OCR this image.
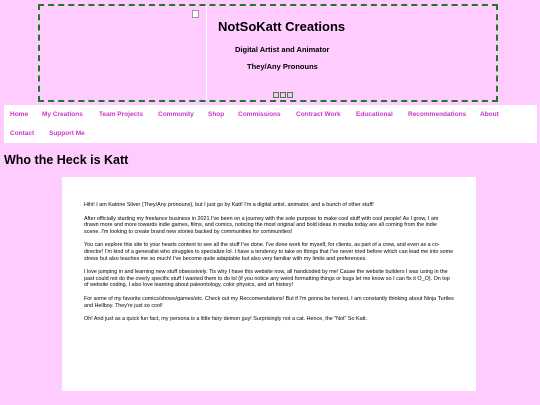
NotSoKatt Creations
Digital Artist and Animator
They/Any Pronouns
Home My Creations Team Projects Community Shop Commissions Contract Work Educational Recommendations About
Contact Support Me
Who the Heck is Katt

Hihi! I am Katrine Silver (They/Any pronouns), but I just go by Katt! I'm a digital artist, animator, and a bunch of other stuff!

After officially starting my freelance business in 2021 I've been on a journey with the sole purpose to make cool stuff with cool people! As I grow, I am drawn more and more towards indie games, films, and comics, noticing the most original and bold ideas in media today are all coming from the indie scene. I'm looking to create brand new stories backed by communities for communities!

You can explore this site to your hearts content to see all the stuff I've done. I've done work for myself, for clients, as part of a crew, and even as a co-director! I'm kind of a generalist who struggles to specialize lol. I have a tendency to take on things that I've never tried before which can lead me into some stress but also teaches me so much! I've become quite adaptable but also very familiar with my limits and preferences.

I love jumping in and learning new stuff obsessively. Tis why I have this website now, all handcoded by me! Cause the website builders I was using in the past could not do the overly specific stuff I wanted them to do lol (if you notice any weird formatting things or bugs let me know so I can fix it O_O). On top of website coding, I also love learning about paleontology, color physics, and art history!

For some of my favorite comics/shows/games/etc. Check out my Reccomendations! But if I'm gonna be honest, I am constantly thinking about Ninja Turtles and Hellboy. They're just so cool!

Oh! And just as a quick fun fact, my persona is a little fairy demon guy! Surprisingly not a cat. Hence, the "Not" So Katt.
